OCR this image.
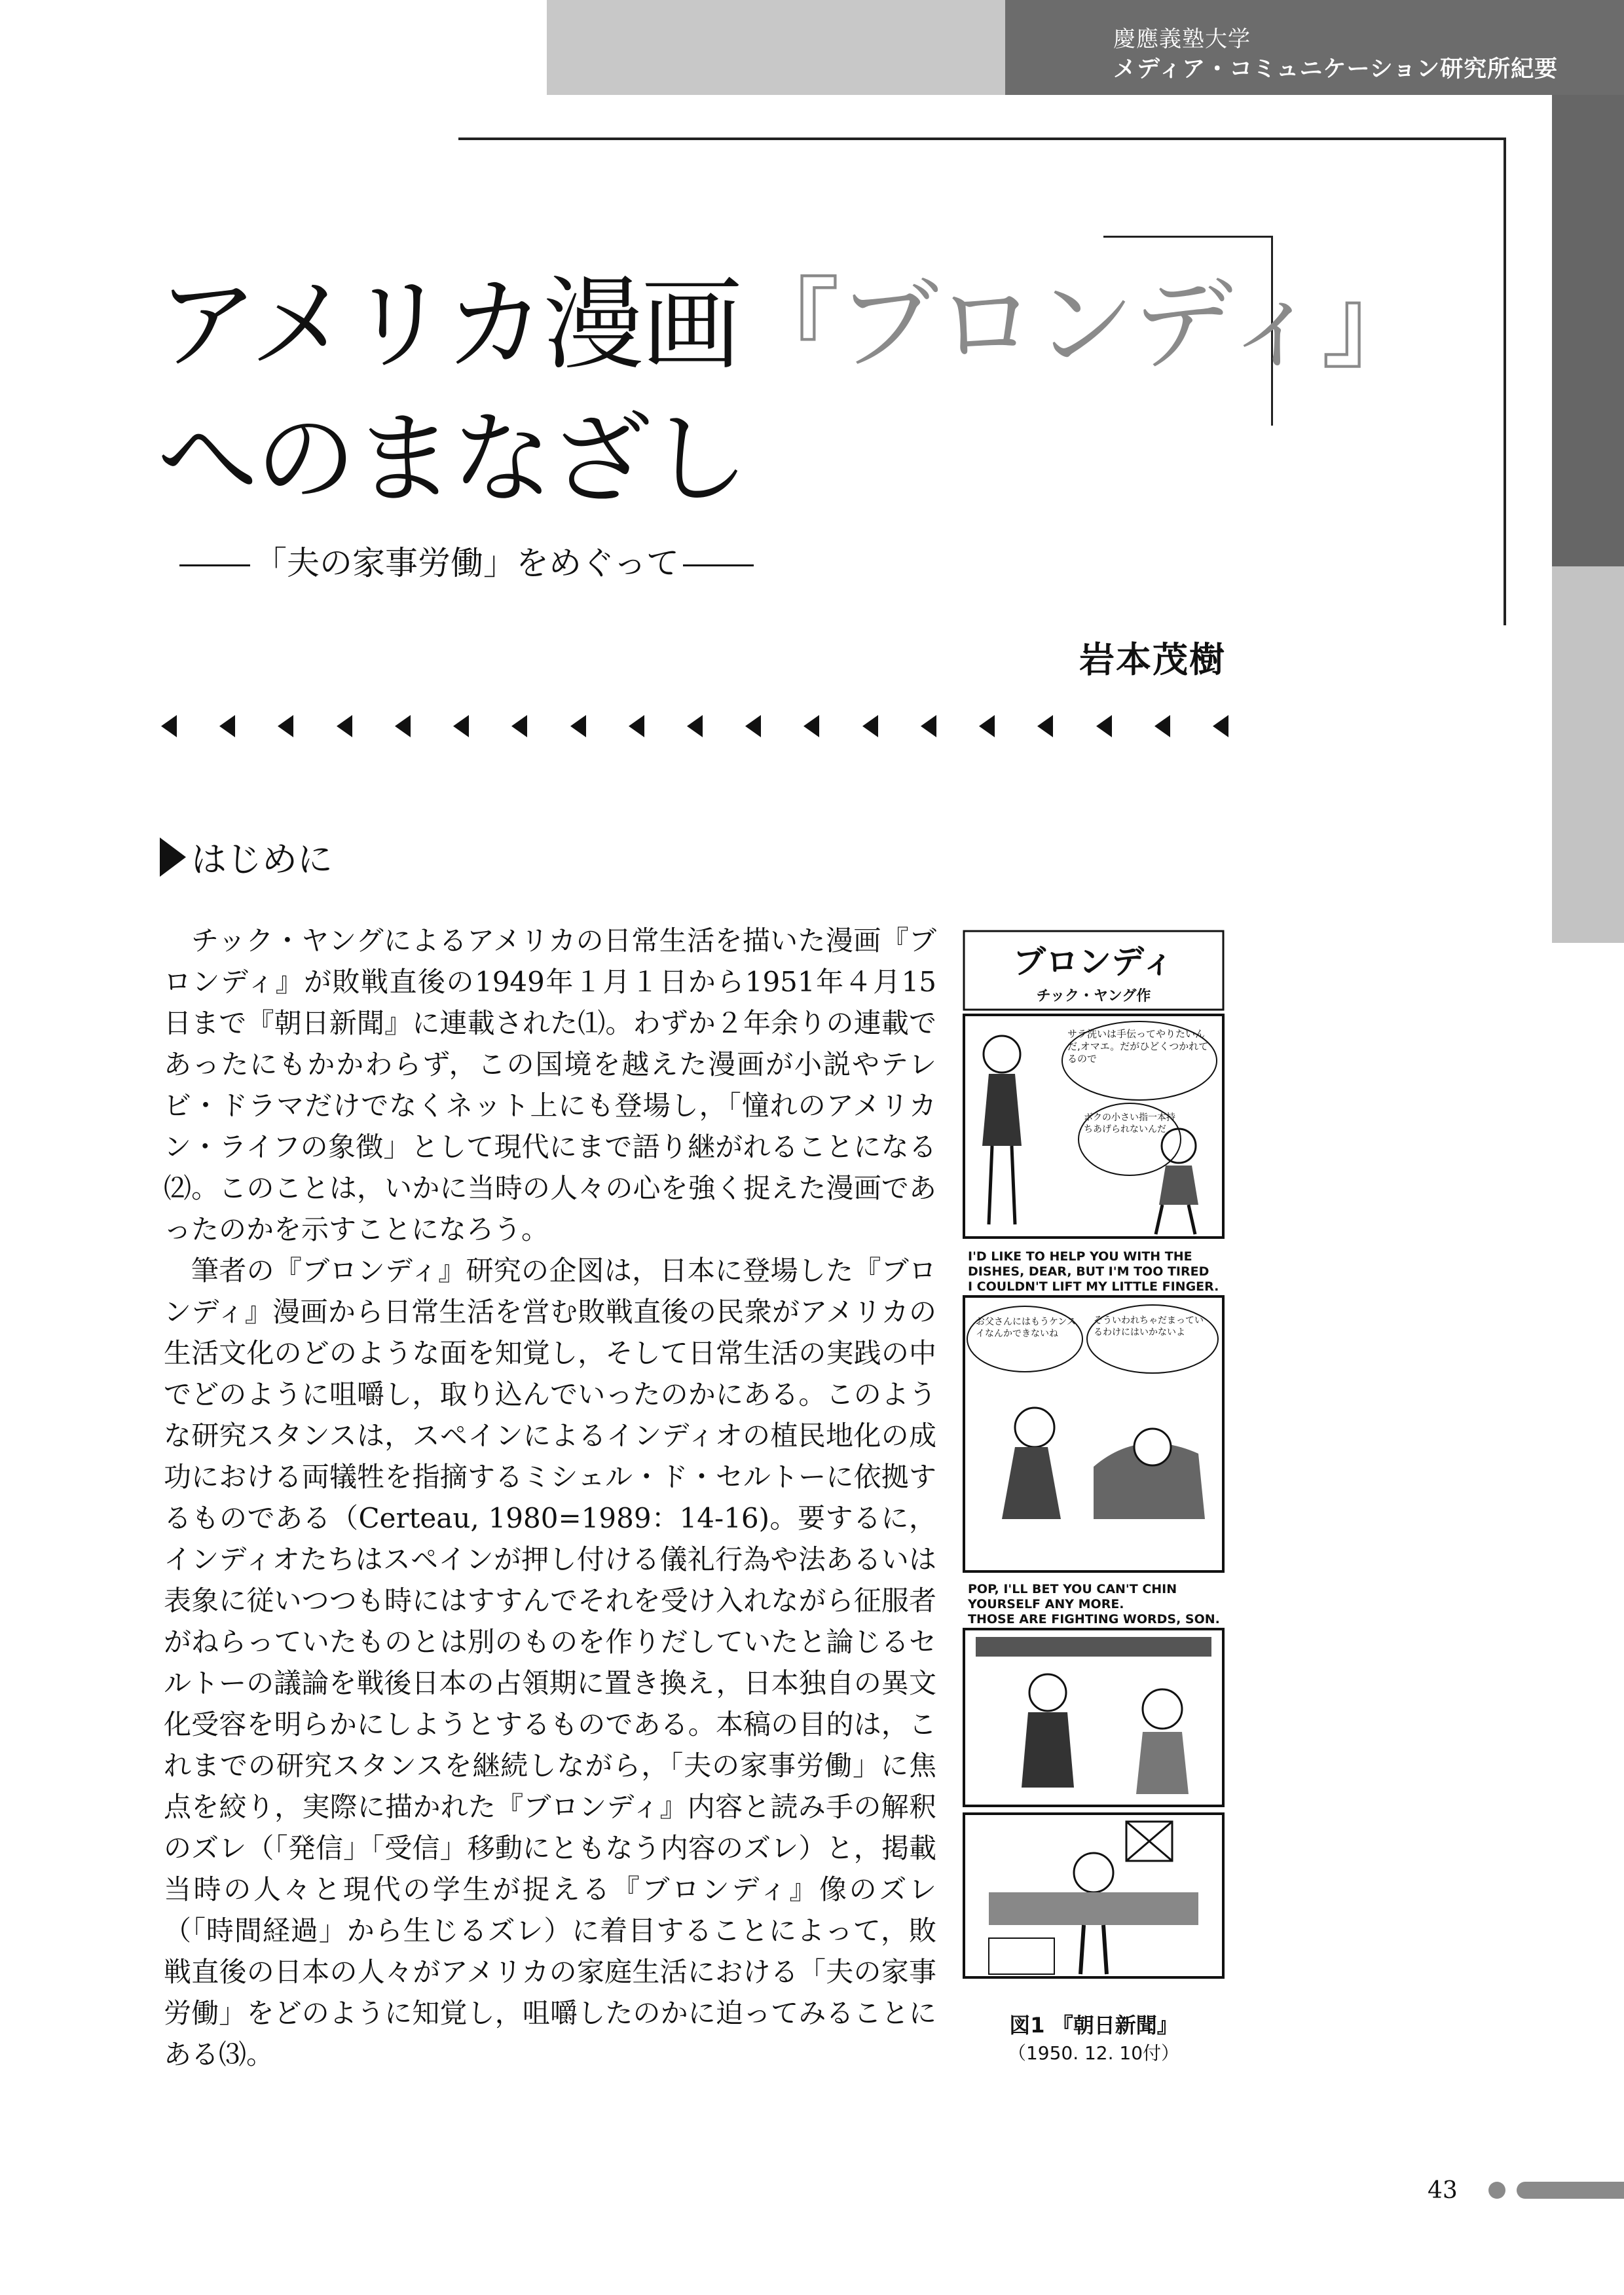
慶應義塾大学
メディア・コミュニケーション研究所紀要
アメリカ漫画『ブロンディ』
へのまなざし
「夫の家事労働」をめぐって
岩本茂樹
はじめに

チック・ヤングによるアメリカの日常生活を描いた漫画『ブロンディ』が敗戦直後の1949年１月１日から1951年４月15日まで『朝日新聞』に連載された⑴。わずか２年余りの連載であったにもかかわらず，この国境を越えた漫画が小説やテレビ・ドラマだけでなくネット上にも登場し，「憧れのアメリカン・ライフの象徴」として現代にまで語り継がれることになる⑵。このことは，いかに当時の人々の心を強く捉えた漫画であったのかを示すことになろう。

筆者の『ブロンディ』研究の企図は，日本に登場した『ブロンディ』漫画から日常生活を営む敗戦直後の民衆がアメリカの生活文化のどのような面を知覚し，そして日常生活の実践の中でどのように咀嚼し，取り込んでいったのかにある。このような研究スタンスは，スペインによるインディオの植民地化の成功における両犠牲を指摘するミシェル・ド・セルトーに依拠するものである（Certeau, 1980=1989：14-16)。要するに，インディオたちはスペインが押し付ける儀礼行為や法あるいは表象に従いつつも時にはすすんでそれを受け入れながら征服者がねらっていたものとは別のものを作りだしていたと論じるセルトーの議論を戦後日本の占領期に置き換え，日本独自の異文化受容を明らかにしようとするものである。本稿の目的は，これまでの研究スタンスを継続しながら，「夫の家事労働」に焦点を絞り，実際に描かれた『ブロンディ』内容と読み手の解釈のズレ（「発信」「受信」移動にともなう内容のズレ）と，掲載当時の人々と現代の学生が捉える『ブロンディ』像のズレ（「時間経過」から生じるズレ）に着目することによって，敗戦直後の日本の人々がアメリカの家庭生活における「夫の家事労働」をどのように知覚し，咀嚼したのかに迫ってみることにある⑶。

ブロンディ
チック・ヤング作
サラ洗いは手伝ってやりたいんだ,オマエ。だがひどくつかれてるので
ボクの小さい指一本持ちあげられないんだ
I'D LIKE TO HELP YOU WITH THE
DISHES, DEAR, BUT I'M TOO TIRED
I COULDN'T LIFT MY LITTLE FINGER.
お父さんにはもうケンスイなんかできないね
そういわれちゃだまっているわけにはいかないよ
POP, I'LL BET YOU CAN'T CHIN
YOURSELF ANY MORE.
THOSE ARE FIGHTING WORDS, SON.
図1 『朝日新聞』
（1950. 12. 10付）
43
